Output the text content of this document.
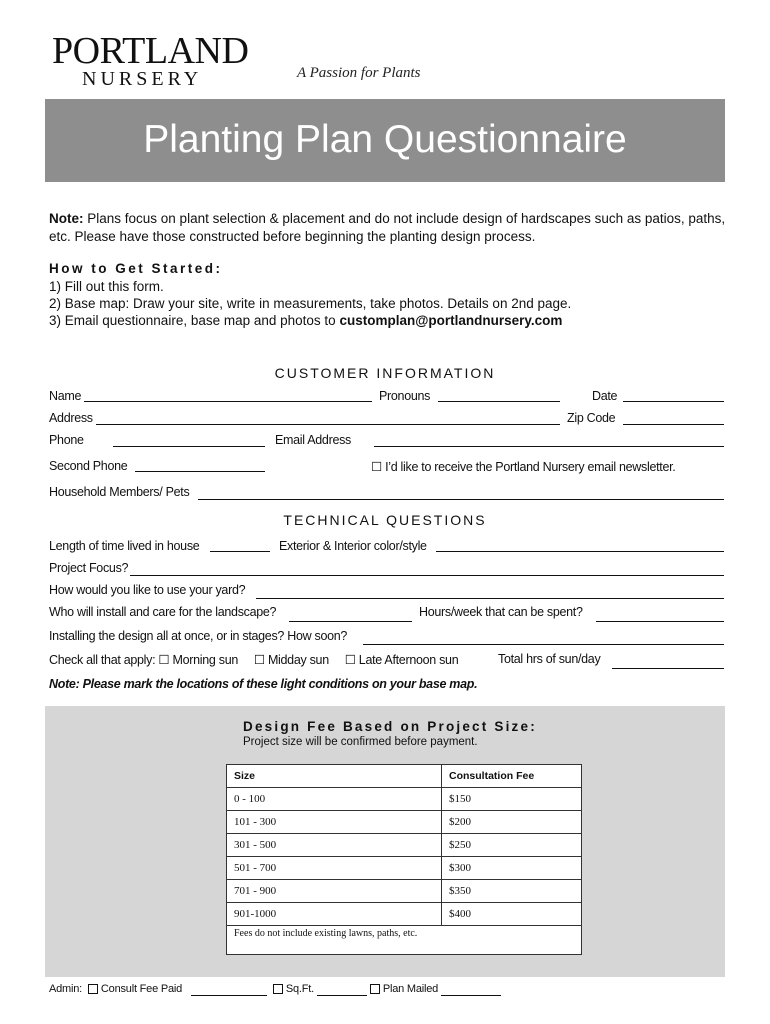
PORTLAND
NURSERY	A Passion for Plants
Planting Plan Questionnaire
Note: Plans focus on plant selection & placement and do not include design of hardscapes such as patios, paths, etc. Please have those constructed before beginning the planting design process.
How to Get Started:
1) Fill out this form.
2) Base map: Draw your site, write in measurements, take photos. Details on 2nd page.
3) Email questionnaire, base map and photos to customplan@portlandnursery.com
CUSTOMER INFORMATION
Name	Pronouns	Date
Address	Zip Code
Phone	Email Address
Second Phone	☐ I’d like to receive the Portland Nursery email newsletter.
Household Members/ Pets
TECHNICAL QUESTIONS
Length of time lived in house	Exterior & Interior color/style
Project Focus?
How would you like to use your yard?
Who will install and care for the landscape?	Hours/week that can be spent?
Installing the design all at once, or in stages? How soon?
Check all that apply: ☐ Morning sun     ☐ Midday sun     ☐ Late Afternoon sun	Total hrs of sun/day
Note: Please mark the locations of these light conditions on your base map.
Design Fee Based on Project Size:
Project size will be confirmed before payment.
Size	Consultation Fee
0 - 100	$150
101 - 300	$200
301 - 500	$250
501 - 700	$300
701 - 900	$350
901-1000	$400
Fees do not include existing lawns, paths, etc.	
Admin: Consult Fee Paid	Sq.Ft.	Plan Mailed
